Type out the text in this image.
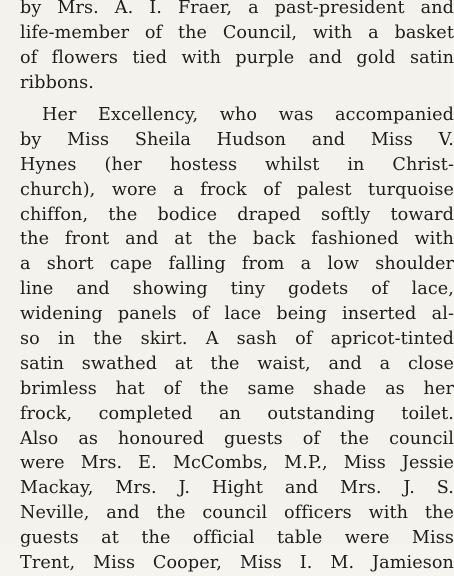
by Mrs. A. I. Fraer, a past-president and
life-member of the Council, with a basket
of flowers tied with purple and gold satin
ribbons.
Her Excellency, who was accompanied
by Miss Sheila Hudson and Miss V.
Hynes (her hostess whilst in Christ-
church), wore a frock of palest turquoise
chiffon, the bodice draped softly toward
the front and at the back fashioned with
a short cape falling from a low shoulder
line and showing tiny godets of lace,
widening panels of lace being inserted al-
so in the skirt. A sash of apricot-tinted
satin swathed at the waist, and a close
brimless hat of the same shade as her
frock, completed an outstanding toilet.
Also as honoured guests of the council
were Mrs. E. McCombs, M.P., Miss Jessie
Mackay, Mrs. J. Hight and Mrs. J. S.
Neville, and the council officers with the
guests at the official table were Miss
Trent, Miss Cooper, Miss I. M. Jamieson
